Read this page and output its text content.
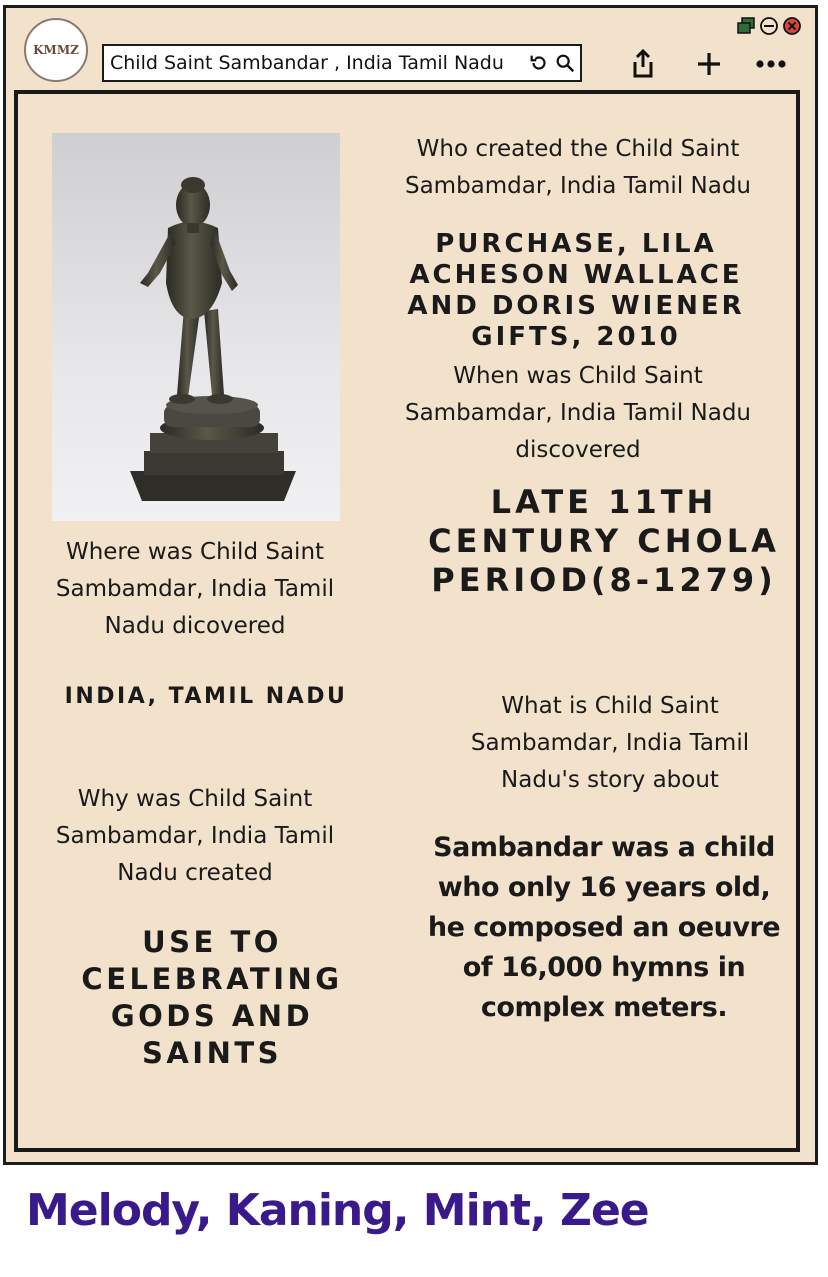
KMMZ
Child Saint Sambandar , India Tamil Nadu
Where was Child Saint Sambamdar, India Tamil Nadu dicovered
INDIA, TAMIL NADU
Why was Child Saint Sambamdar, India Tamil Nadu created
USE TO CELEBRATING GODS AND SAINTS
Who created the Child Saint Sambamdar, India Tamil Nadu
PURCHASE, LILA ACHESON WALLACE AND DORIS WIENER GIFTS, 2010
When was Child Saint Sambamdar, India Tamil Nadu discovered
LATE 11TH CENTURY CHOLA PERIOD(8-1279)
What is Child Saint Sambamdar, India Tamil Nadu's story about
Sambandar was a child who only 16 years old, he composed an oeuvre of 16,000 hymns in complex meters.
Melody, Kaning, Mint, Zee
